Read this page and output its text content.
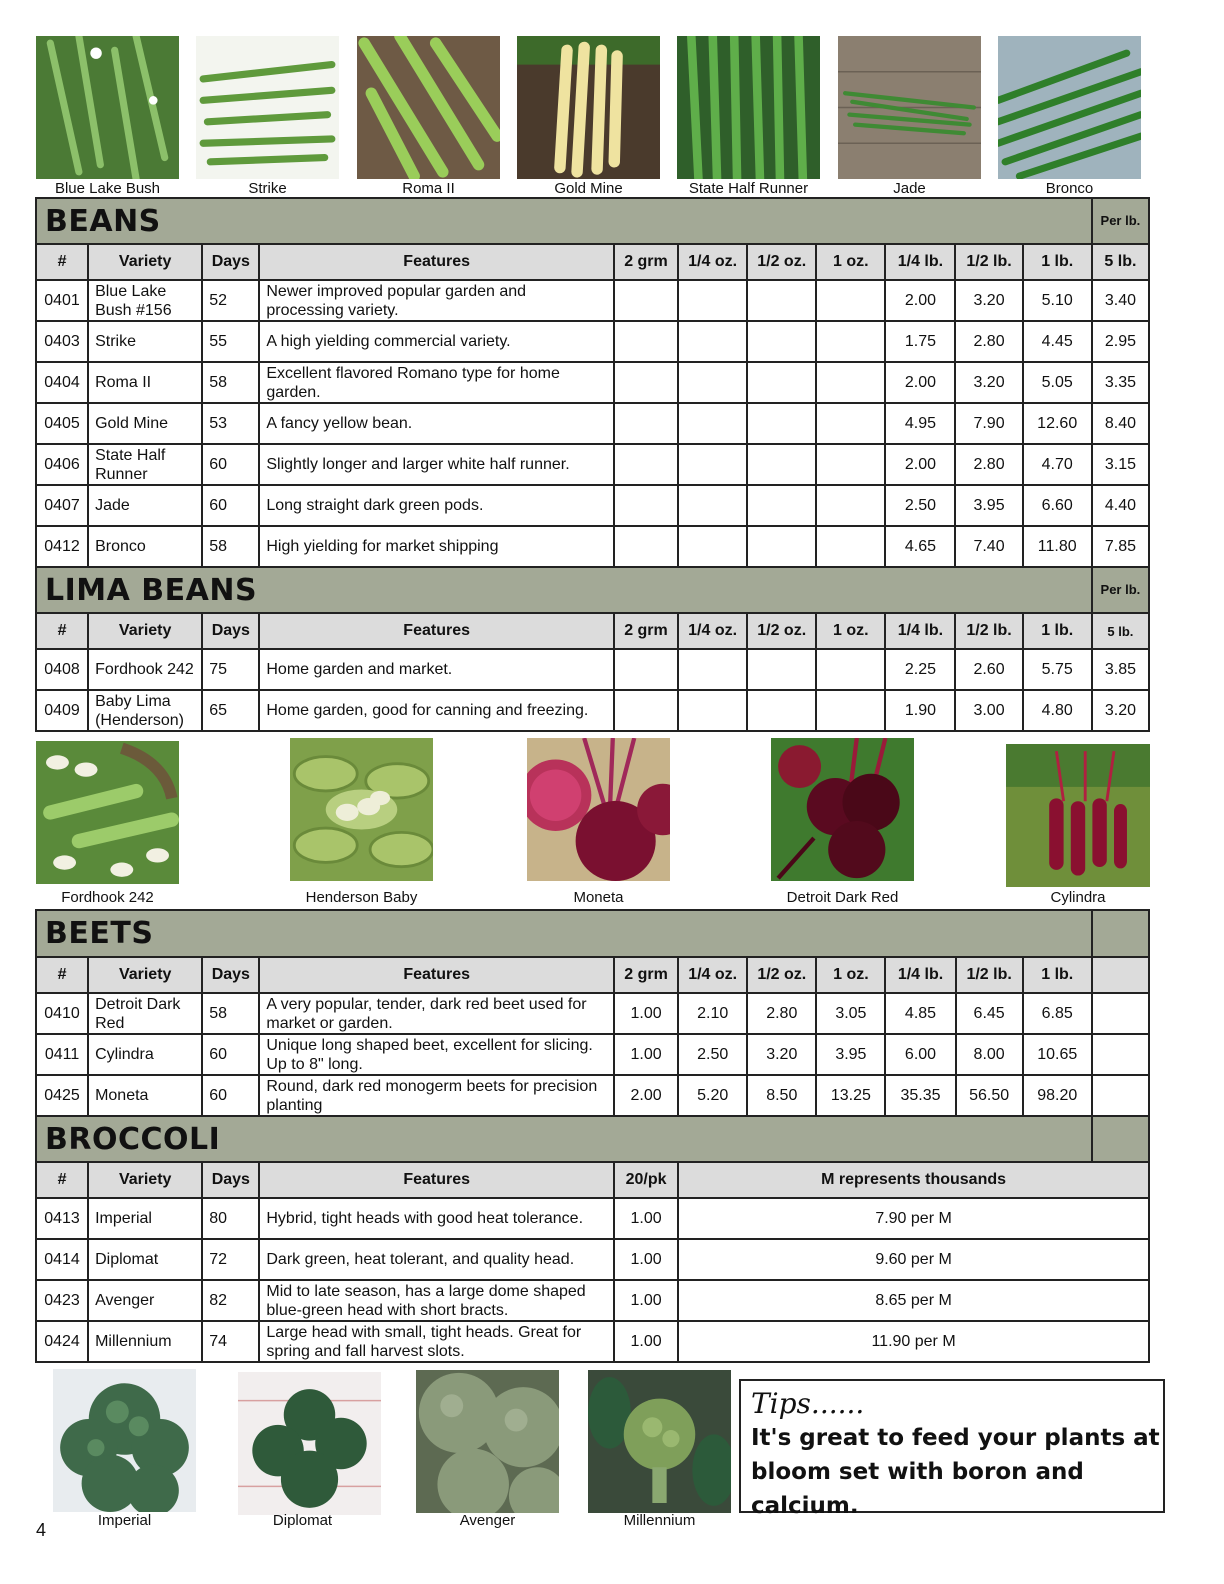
Blue Lake Bush	Strike	Roma II	Gold Mine	State Half Runner	Jade	Bronco
BEANS											Per lb.
#	Variety	Days	Features	2 grm	1/4 oz.	1/2 oz.	1 oz.	1/4 lb.	1/2 lb.	1 lb.	5 lb.
0401	Blue Lake Bush #156	52	Newer improved popular garden and processing variety.					2.00	3.20	5.10	3.40
0403	Strike	55	A high yielding commercial variety.					1.75	2.80	4.45	2.95
0404	Roma II	58	Excellent flavored Romano type for home garden.					2.00	3.20	5.05	3.35
0405	Gold Mine	53	A fancy yellow bean.					4.95	7.90	12.60	8.40
0406	State Half Runner	60	Slightly longer and larger white half runner.					2.00	2.80	4.70	3.15
0407	Jade	60	Long straight dark green pods.					2.50	3.95	6.60	4.40
0412	Bronco	58	High yielding for market shipping					4.65	7.40	11.80	7.85
LIMA BEANS											Per lb.
#	Variety	Days	Features	2 grm	1/4 oz.	1/2 oz.	1 oz.	1/4 lb.	1/2 lb.	1 lb.	5 lb.
0408	Fordhook 242	75	Home garden and market.					2.25	2.60	5.75	3.85
0409	Baby Lima (Henderson)	65	Home garden, good for canning and freezing.					1.90	3.00	4.80	3.20
Fordhook 242	Henderson Baby	Moneta	Detroit Dark Red	Cylindra
BEETS											
#	Variety	Days	Features	2 grm	1/4 oz.	1/2 oz.	1 oz.	1/4 lb.	1/2 lb.	1 lb.	
0410	Detroit Dark Red	58	A very popular, tender, dark red beet used for market or garden.	1.00	2.10	2.80	3.05	4.85	6.45	6.85	
0411	Cylindra	60	Unique long shaped beet, excellent for slicing. Up to 8" long.	1.00	2.50	3.20	3.95	6.00	8.00	10.65	
0425	Moneta	60	Round, dark red monogerm beets for precision planting	2.00	5.20	8.50	13.25	35.35	56.50	98.20	
BROCCOLI											
#	Variety	Days	Features	20/pk	M represents thousands						
0413	Imperial	80	Hybrid, tight heads with good heat tolerance.	1.00	7.90 per M						
0414	Diplomat	72	Dark green, heat tolerant, and quality head.	1.00	9.60 per M						
0423	Avenger	82	Mid to late season, has a large dome shaped blue-green head with short bracts.	1.00	8.65 per M						
0424	Millennium	74	Large head with small, tight heads. Great for spring and fall harvest slots.	1.00	11.90 per M						
Imperial	Diplomat	Avenger	Millennium
Tips......
It's great to feed your plants at bloom set with boron and calcium.
4
